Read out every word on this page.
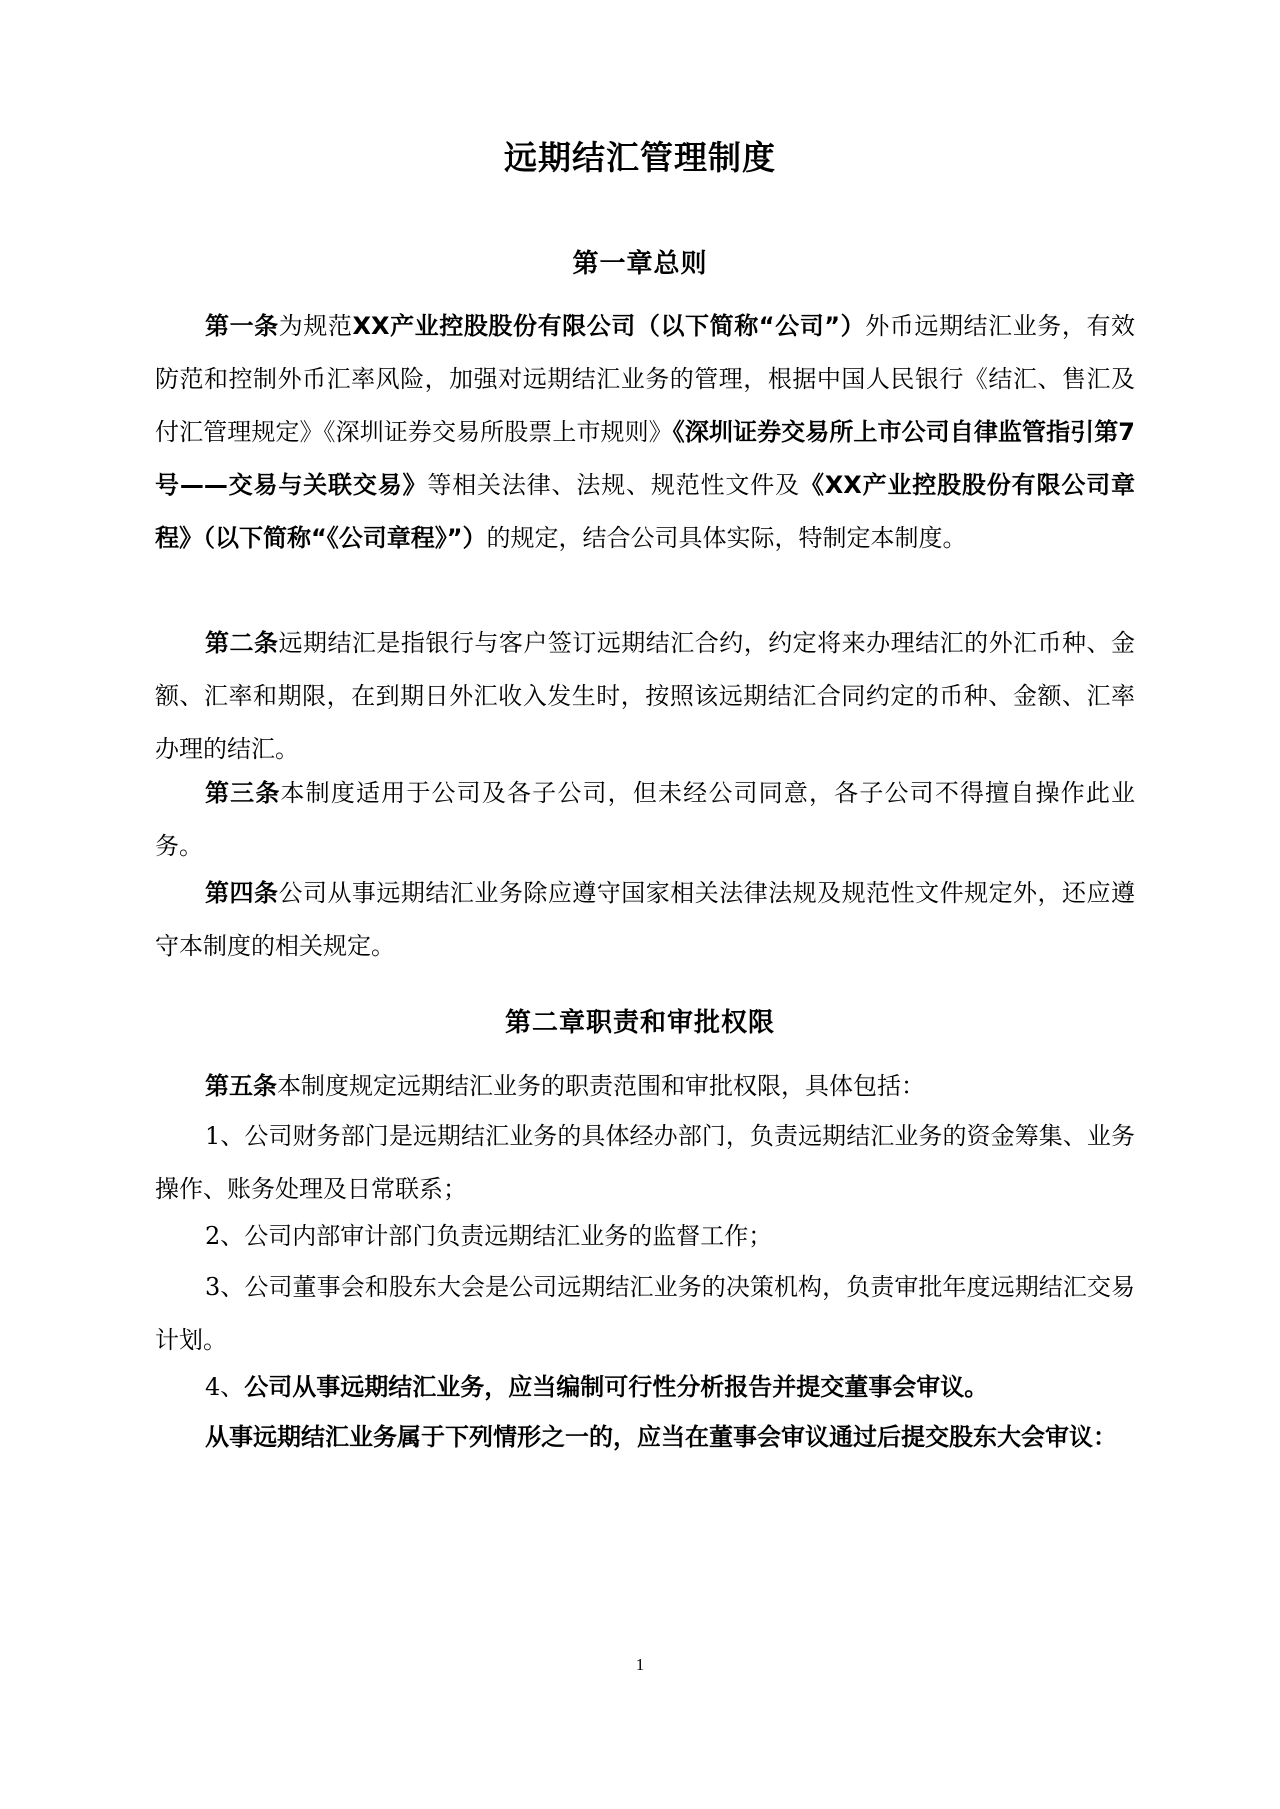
远期结汇管理制度
第一章总则

第一条为规范XX产业控股股份有限公司（以下简称“公司”）外币远期结汇业务，有效防范和控制外币汇率风险，加强对远期结汇业务的管理，根据中国人民银行《结汇、售汇及付汇管理规定》《深圳证券交易所股票上市规则》《深圳证券交易所上市公司自律监管指引第7号——交易与关联交易》等相关法律、法规、规范性文件及《XX产业控股股份有限公司章程》（以下简称“《公司章程》”）的规定，结合公司具体实际，特制定本制度。

第二条远期结汇是指银行与客户签订远期结汇合约，约定将来办理结汇的外汇币种、金额、汇率和期限，在到期日外汇收入发生时，按照该远期结汇合同约定的币种、金额、汇率办理的结汇。

第三条本制度适用于公司及各子公司，但未经公司同意，各子公司不得擅自操作此业务。

第四条公司从事远期结汇业务除应遵守国家相关法律法规及规范性文件规定外，还应遵守本制度的相关规定。

第二章职责和审批权限

第五条本制度规定远期结汇业务的职责范围和审批权限，具体包括：

1、公司财务部门是远期结汇业务的具体经办部门，负责远期结汇业务的资金筹集、业务操作、账务处理及日常联系；

2、公司内部审计部门负责远期结汇业务的监督工作；

3、公司董事会和股东大会是公司远期结汇业务的决策机构，负责审批年度远期结汇交易计划。

4、公司从事远期结汇业务，应当编制可行性分析报告并提交董事会审议。

从事远期结汇业务属于下列情形之一的，应当在董事会审议通过后提交股东大会审议：

1
